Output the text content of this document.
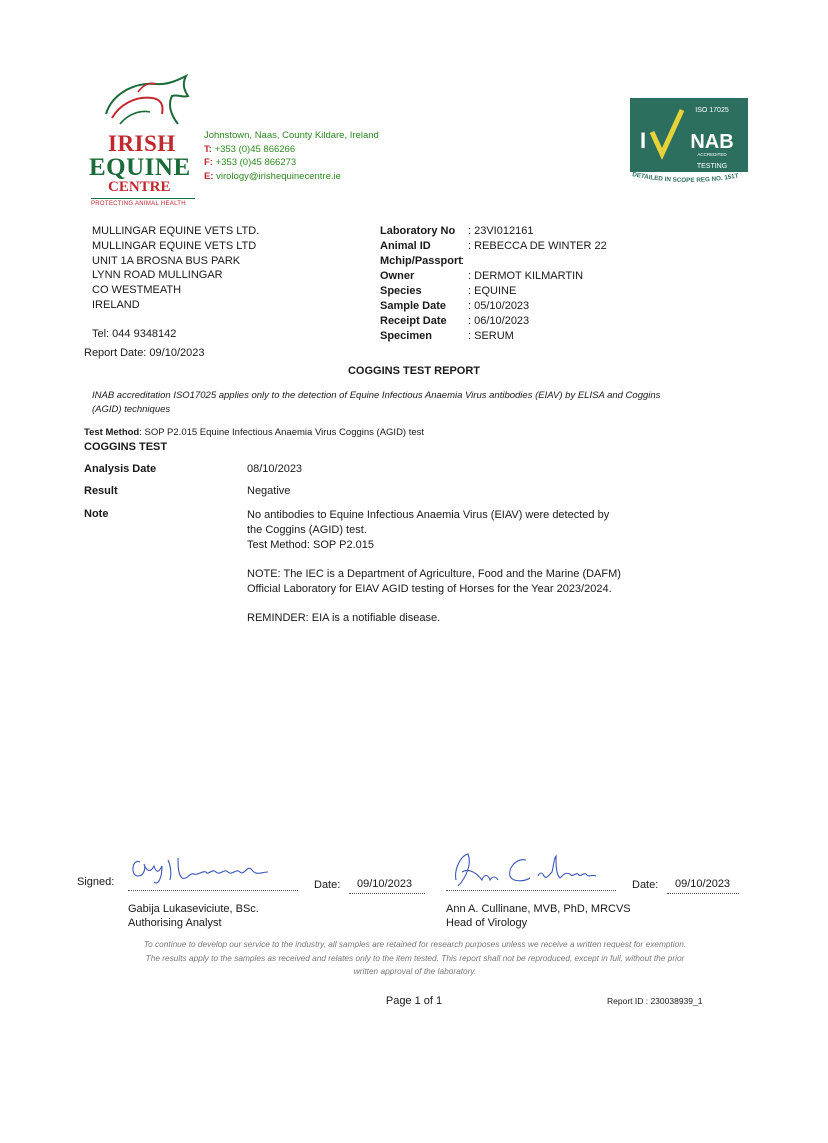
IRISH
EQUINE
CENTRE
PROTECTING ANIMAL HEALTH
Johnstown, Naas, County Kildare, Ireland
T: +353 (0)45 866266
F: +353 (0)45 866273
E: virology@irishequinecentre.ie
ISO 17025
I NAB
ACCREDITED
TESTING
DETAILED IN SCOPE REG NO. 151T
MULLINGAR EQUINE VETS LTD.
MULLINGAR EQUINE VETS LTD
UNIT 1A BROSNA BUS PARK
LYNN ROAD MULLINGAR
CO WESTMEATH
IRELAND
Tel: 044 9348142
Report Date: 09/10/2023
Laboratory No : 23VI012161
Animal ID	: REBECCA DE WINTER 22
Mchip/Passport :
Owner	: DERMOT KILMARTIN
Species	: EQUINE
Sample Date : 05/10/2023
Receipt Date : 06/10/2023
Specimen	: SERUM
COGGINS TEST REPORT
INAB accreditation ISO17025 applies only to the detection of Equine Infectious Anaemia Virus antibodies (EIAV) by ELISA and Coggins (AGID) techniques
Test Method: SOP P2.015 Equine Infectious Anaemia Virus Coggins (AGID) test
COGGINS TEST
Analysis Date	08/10/2023
Result	Negative
Note	No antibodies to Equine Infectious Anaemia Virus (EIAV) were detected by the Coggins (AGID) test.
Test Method: SOP P2.015

NOTE: The IEC is a Department of Agriculture, Food and the Marine (DAFM) Official Laboratory for EIAV AGID testing of Horses for the Year 2023/2024.

REMINDER: EIA is a notifiable disease.

Signed:	Date: 09/10/2023
Gabija Lukaseviciute, BSc.
Authorising Analyst
Date: 09/10/2023
Ann A. Cullinane, MVB, PhD, MRCVS
Head of Virology
To continue to develop our service to the industry, all samples are retained for research purposes unless we receive a written request for exemption.
The results apply to the samples as received and relates only to the item tested. This report shall not be reproduced, except in full, without the prior
written approval of the laboratory.
Page 1 of 1	Report ID : 230038939_1
